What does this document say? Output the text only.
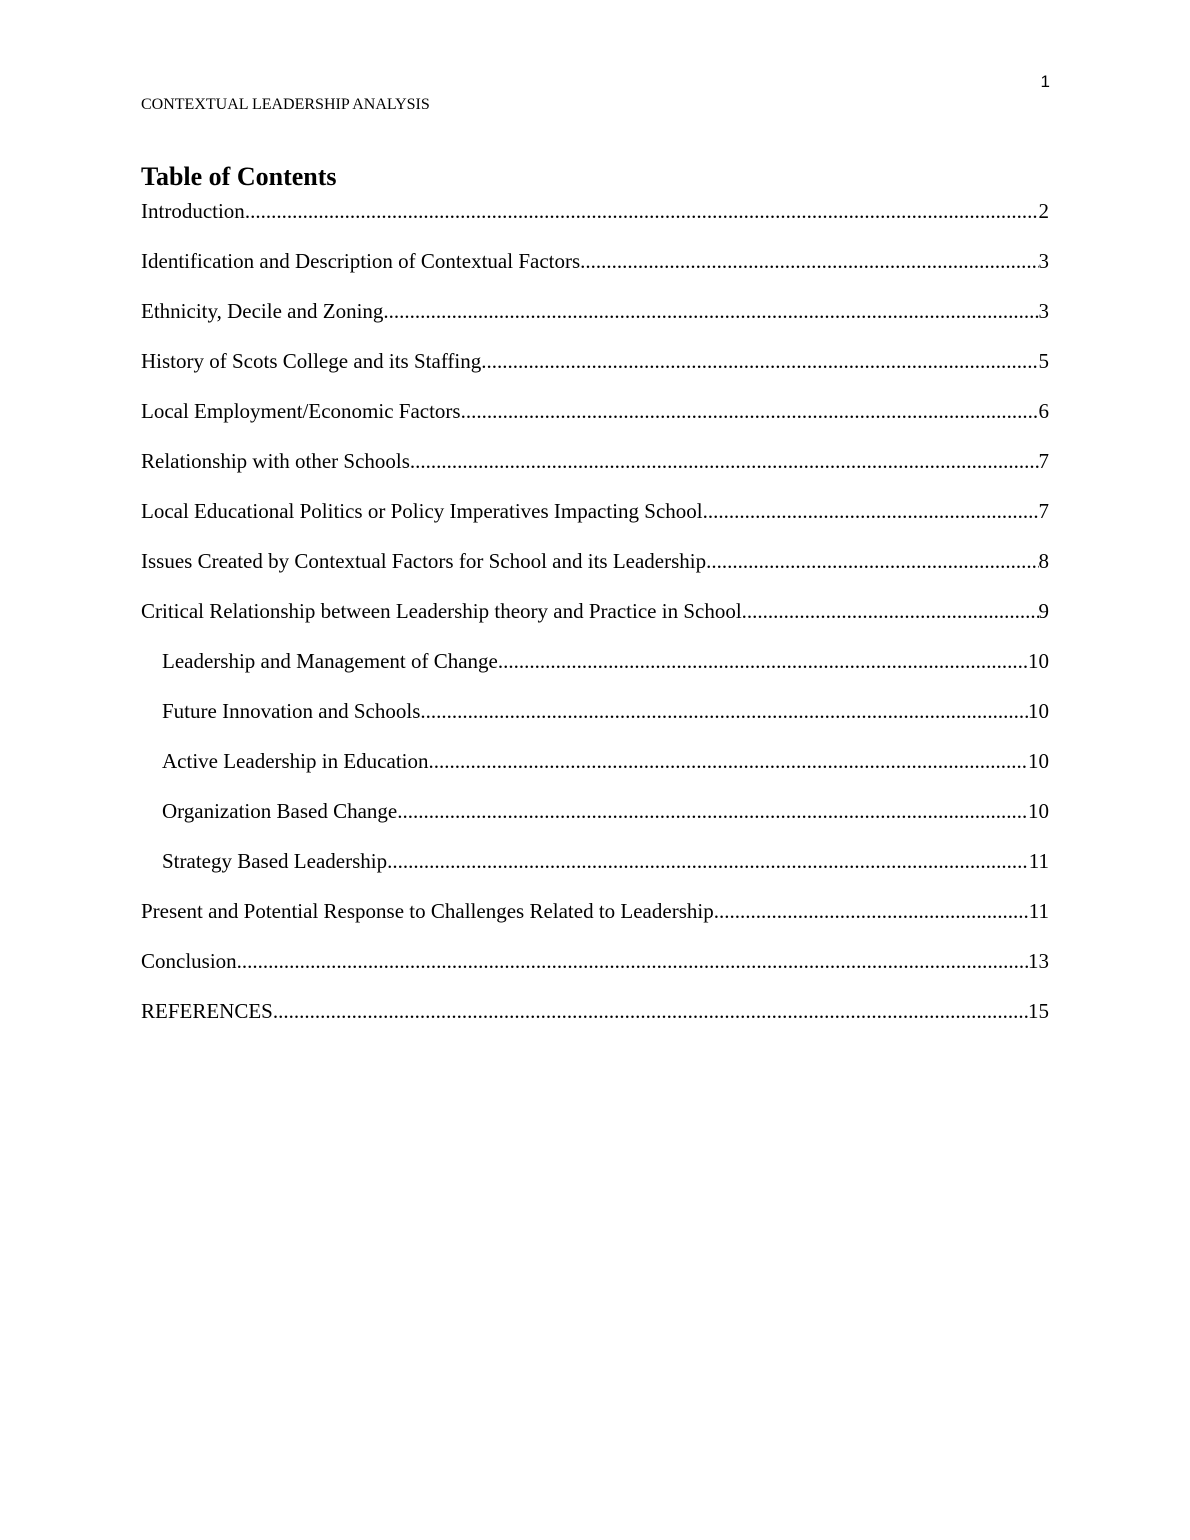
1
CONTEXTUAL LEADERSHIP ANALYSIS
Table of Contents
Introduction .....	2
Identification and Description of Contextual Factors .....	3
Ethnicity, Decile and Zoning .....	3
History of Scots College and its Staffing .....	5
Local Employment/Economic Factors .....	6
Relationship with other Schools .....	7
Local Educational Politics or Policy Imperatives Impacting School .....	7
Issues Created by Contextual Factors for School and its Leadership .....	8
Critical Relationship between Leadership theory and Practice in School .....	9
Leadership and Management of Change .....	10
Future Innovation and Schools .....	10
Active Leadership in Education .....	10
Organization Based Change .....	10
Strategy Based Leadership .....	11
Present and Potential Response to Challenges Related to Leadership .....	11
Conclusion .....	13
REFERENCES .....	15
